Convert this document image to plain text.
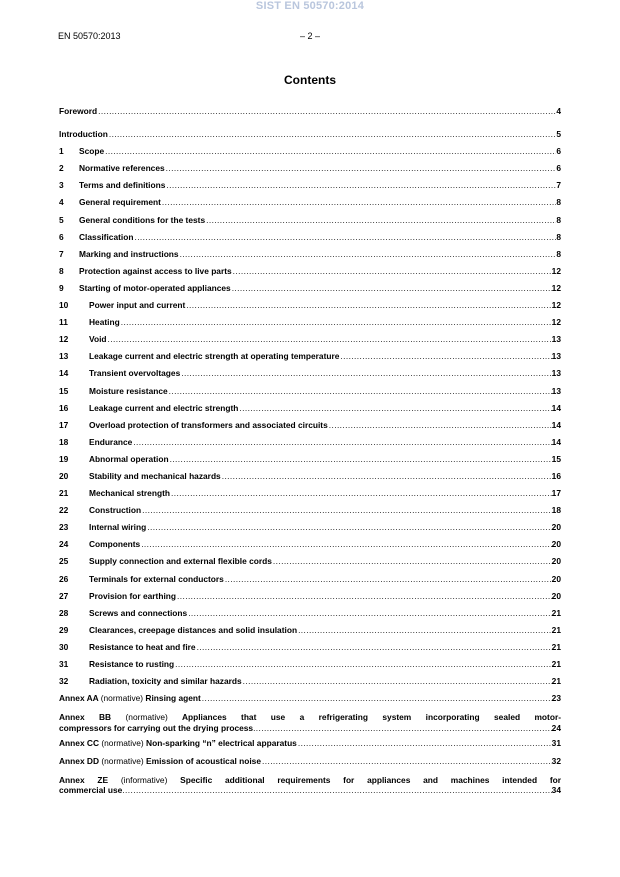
SIST EN 50570:2014
EN 50570:2013	– 2 –
Contents
Foreword .....	4
Introduction .....	5
1	Scope .....	6
2	Normative references .....	6
3	Terms and definitions .....	7
4	General requirement .....	8
5	General conditions for the tests .....	8
6	Classification .....	8
7	Marking and instructions .....	8
8	Protection against access to live parts .....	12
9	Starting of motor-operated appliances .....	12
10	Power input and current .....	12
11	Heating .....	12
12	Void .....	13
13	Leakage current and electric strength at operating temperature .....	13
14	Transient overvoltages .....	13
15	Moisture resistance .....	13
16	Leakage current and electric strength .....	14
17	Overload protection of transformers and associated circuits .....	14
18	Endurance .....	14
19	Abnormal operation .....	15
20	Stability and mechanical hazards .....	16
21	Mechanical strength .....	17
22	Construction .....	18
23	Internal wiring .....	20
24	Components .....	20
25	Supply connection and external flexible cords .....	20
26	Terminals for external conductors .....	20
27	Provision for earthing .....	20
28	Screws and connections .....	21
29	Clearances, creepage distances and solid insulation .....	21
30	Resistance to heat and fire .....	21
31	Resistance to rusting .....	21
32	Radiation, toxicity and similar hazards .....	21
Annex AA (normative) Rinsing agent .....	23
Annex BB (normative) Appliances that use a refrigerating system incorporating sealed motor-
compressors for carrying out the drying process .....	24
Annex CC (normative) Non-sparking “n” electrical apparatus .....	31
Annex DD (normative) Emission of acoustical noise .....	32
Annex ZE (informative) Specific additional requirements for appliances and machines intended for
commercial use .....	34
